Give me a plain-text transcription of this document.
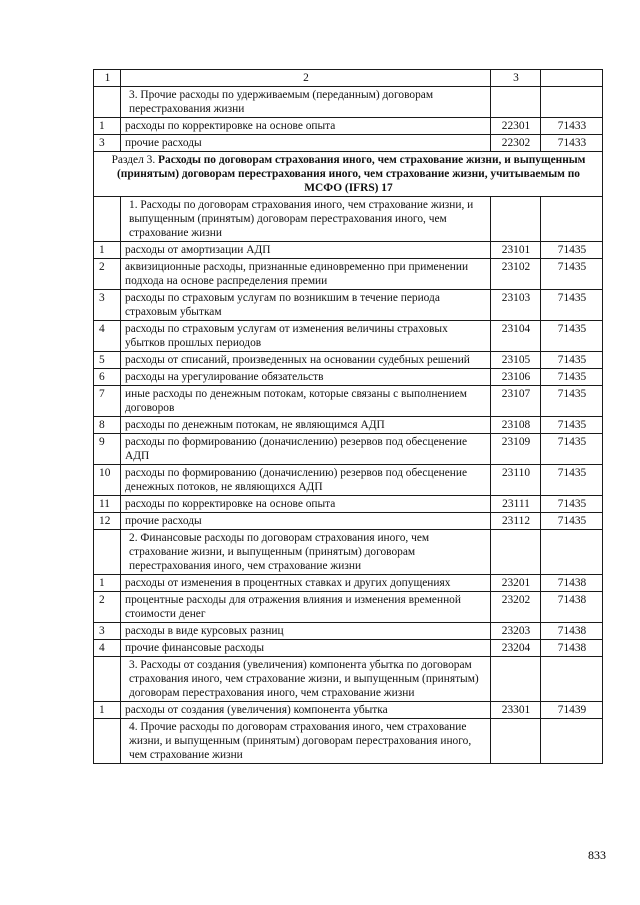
1	2	3	
	3. Прочие расходы по удерживаемым (переданным) договорам перестрахования жизни		
1	расходы по корректировке на основе опыта	22301	71433
3	прочие расходы	22302	71433
Раздел 3. Расходы по договорам страхования иного, чем страхование жизни, и выпущенным (принятым) договорам перестрахования иного, чем страхование жизни, учитываемым по МСФО (IFRS) 17			
	1. Расходы по договорам страхования иного, чем страхование жизни, и выпущенным (принятым) договорам перестрахования иного, чем страхование жизни		
1	расходы от амортизации АДП	23101	71435
2	аквизиционные расходы, признанные единовременно при применении подхода на основе распределения премии	23102	71435
3	расходы по страховым услугам по возникшим в течение периода страховым убыткам	23103	71435
4	расходы по страховым услугам от изменения величины страховых убытков прошлых периодов	23104	71435
5	расходы от списаний, произведенных на основании судебных решений	23105	71435
6	расходы на урегулирование обязательств	23106	71435
7	иные расходы по денежным потокам, которые связаны с выполнением договоров	23107	71435
8	расходы по денежным потокам, не являющимся АДП	23108	71435
9	расходы по формированию (доначислению) резервов под обесценение АДП	23109	71435
10	расходы по формированию (доначислению) резервов под обесценение денежных потоков, не являющихся АДП	23110	71435
11	расходы по корректировке на основе опыта	23111	71435
12	прочие расходы	23112	71435
	2. Финансовые расходы по договорам страхования иного, чем страхование жизни, и выпущенным (принятым) договорам перестрахования иного, чем страхование жизни		
1	расходы от изменения в процентных ставках и других допущениях	23201	71438
2	процентные расходы для отражения влияния и изменения временной стоимости денег	23202	71438
3	расходы в виде курсовых разниц	23203	71438
4	прочие финансовые расходы	23204	71438
	3. Расходы от создания (увеличения) компонента убытка по договорам страхования иного, чем страхование жизни, и выпущенным (принятым) договорам перестрахования иного, чем страхование жизни		
1	расходы от создания (увеличения) компонента убытка	23301	71439
	4. Прочие расходы по договорам страхования иного, чем страхование жизни, и выпущенным (принятым) договорам перестрахования иного, чем страхование жизни		
833
